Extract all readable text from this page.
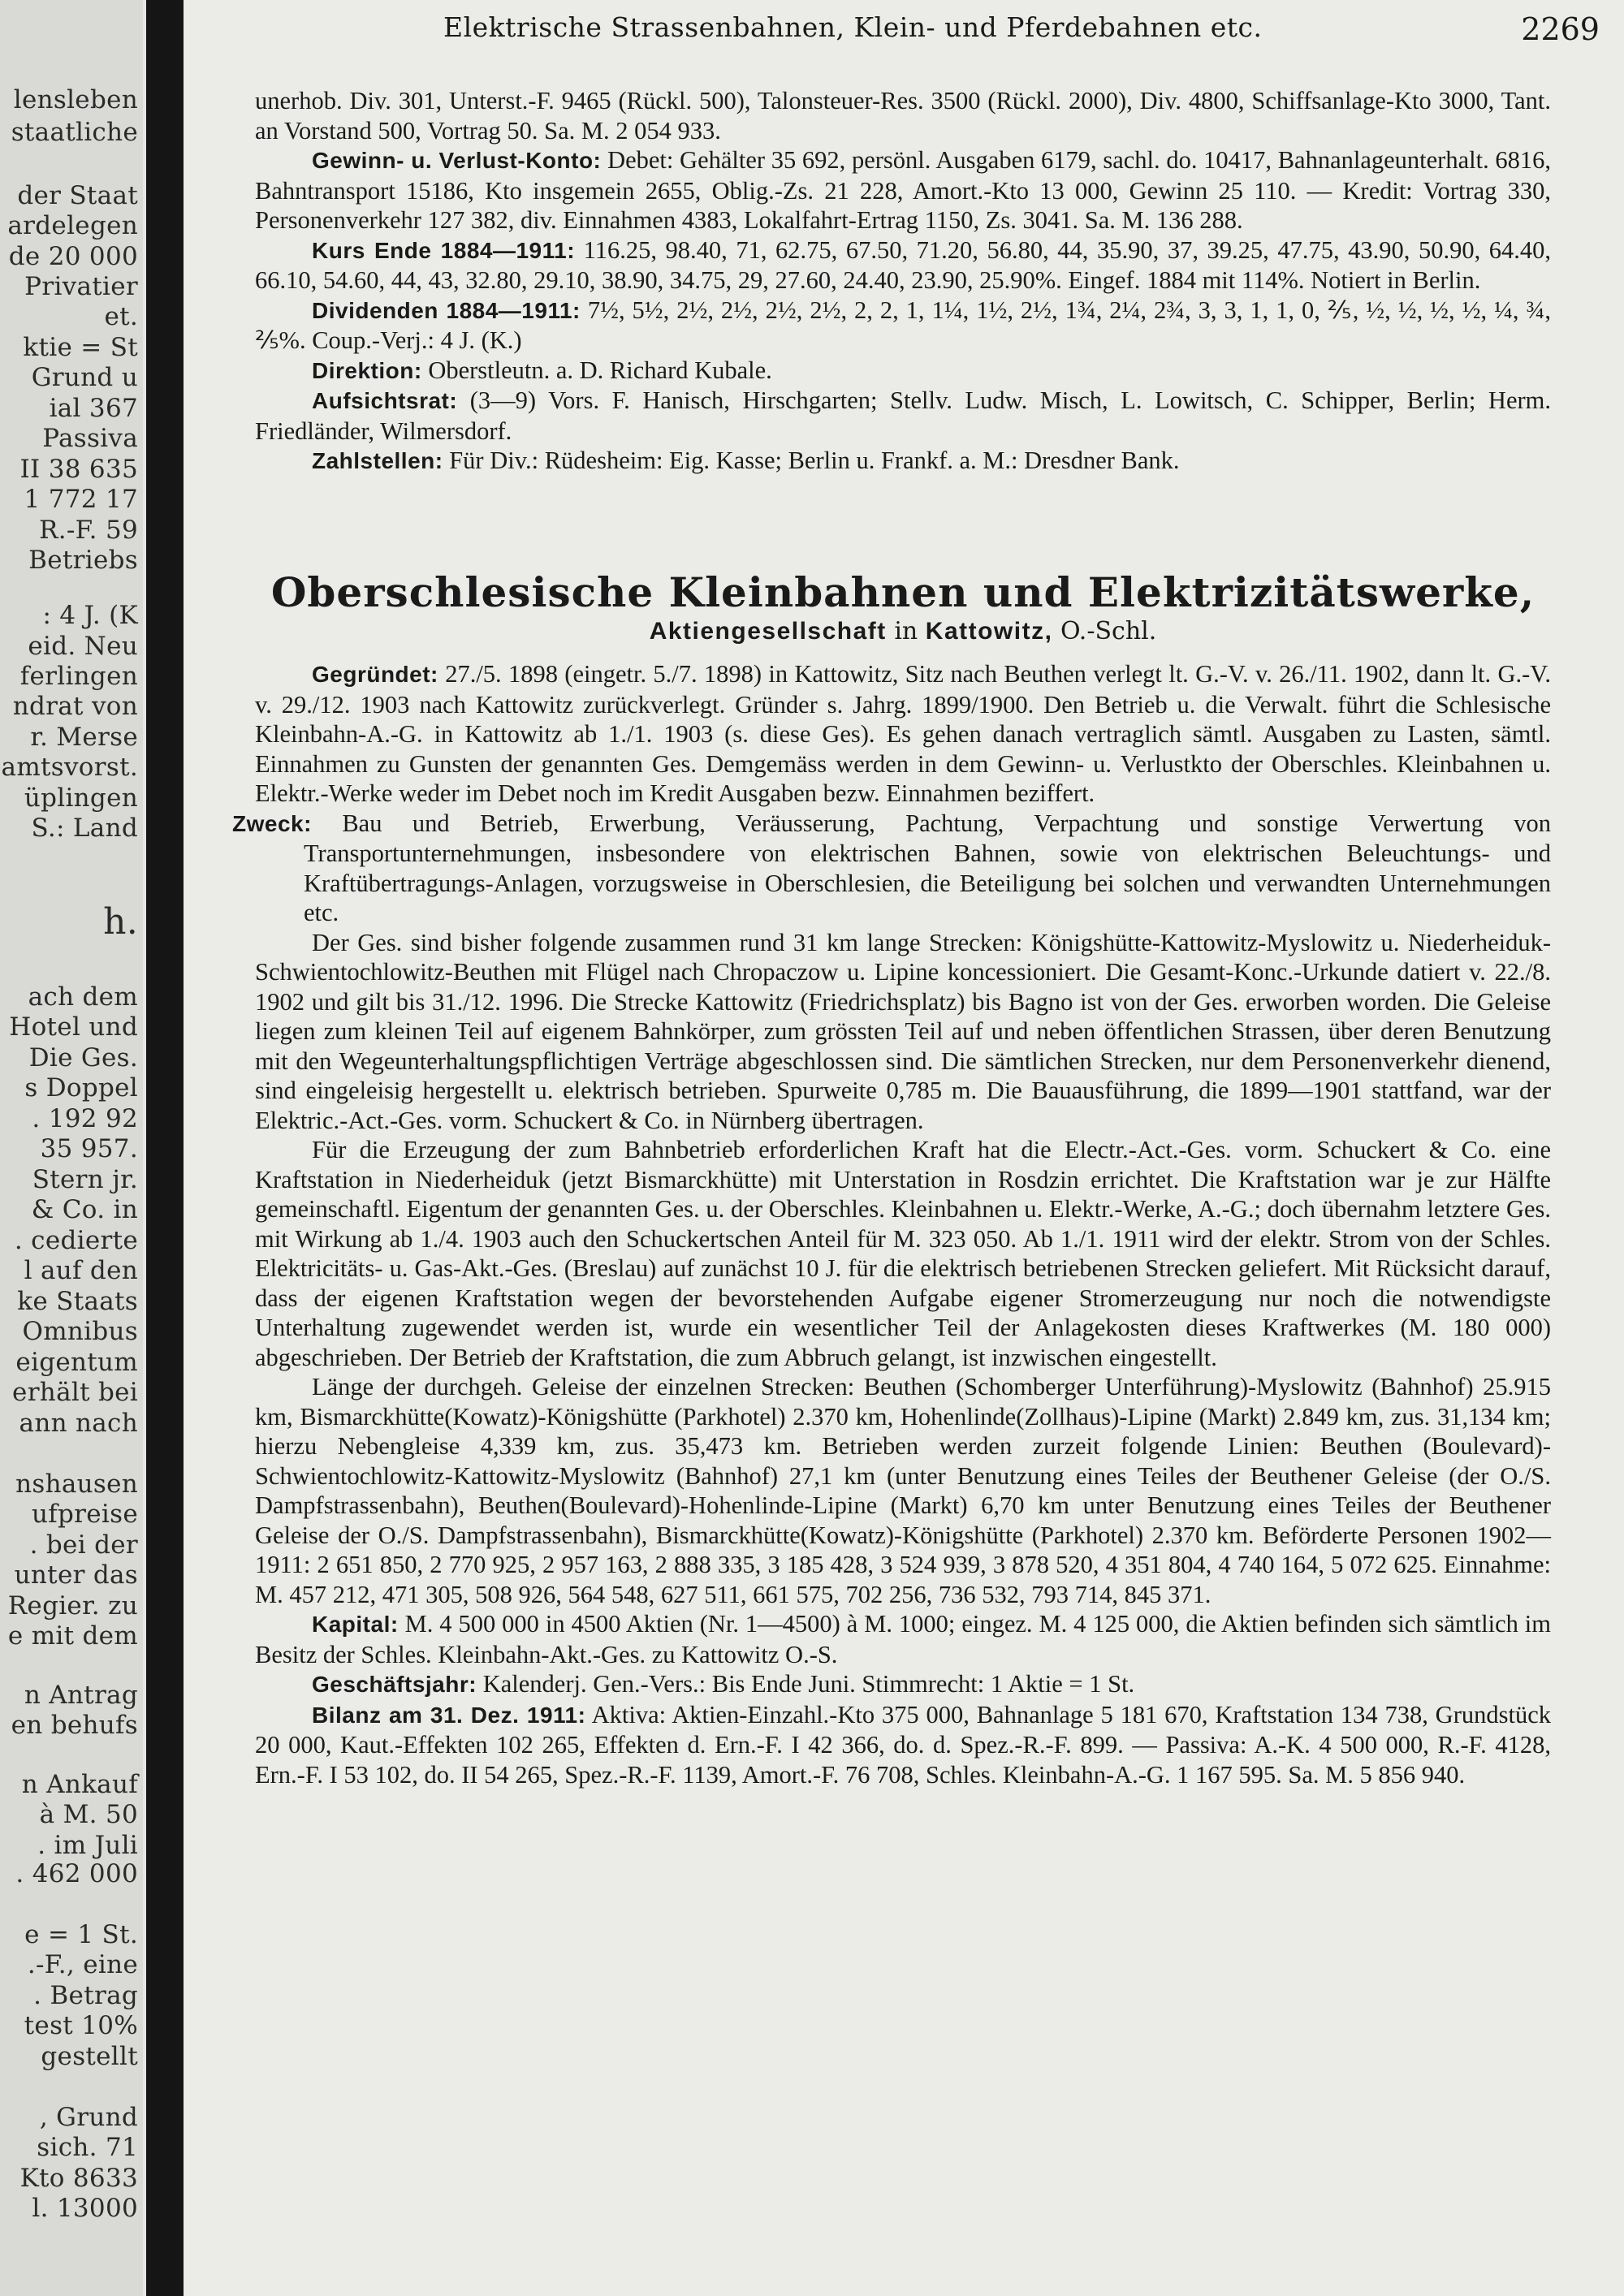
lensleben
staatliche
der Staat
ardelegen
de 20 000
Privatier
et.
ktie = St
Grund u
ial 367
Passiva
II 38 635
1 772 17
R.-F. 59
Betriebs
: 4 J. (K
eid. Neu
ferlingen
ndrat von
r. Merse
amtsvorst.
üplingen
S.: Land
h.
ach dem
Hotel und
Die Ges.
s Doppel
. 192 92
35 957.
Stern jr.
& Co. in
. cedierte
l auf den
ke Staats
Omnibus
eigentum
erhält bei
ann nach
nshausen
ufpreise
. bei der
unter das
Regier. zu
e mit dem
n Antrag
en behufs
n Ankauf
à M. 50
. im Juli
. 462 000
e = 1 St.
.-F., eine
. Betrag
test 10%
gestellt
, Grund
sich. 71
Kto 8633
l. 13000
Elektrische Strassenbahnen, Klein- und Pferdebahnen etc.	2269

unerhob. Div. 301, Unterst.-F. 9465 (Rückl. 500), Talonsteuer-Res. 3500 (Rückl. 2000), Div. 4800, Schiffsanlage-Kto 3000, Tant. an Vorstand 500, Vortrag 50. Sa. M. 2 054 933.

Gewinn- u. Verlust-Konto: Debet: Gehälter 35 692, persönl. Ausgaben 6179, sachl. do. 10417, Bahnanlageunterhalt. 6816, Bahntransport 15186, Kto insgemein 2655, Oblig.-Zs. 21 228, Amort.-Kto 13 000, Gewinn 25 110. — Kredit: Vortrag 330, Personenverkehr 127 382, div. Einnahmen 4383, Lokalfahrt-Ertrag 1150, Zs. 3041. Sa. M. 136 288.

Kurs Ende 1884—1911: 116.25, 98.40, 71, 62.75, 67.50, 71.20, 56.80, 44, 35.90, 37, 39.25, 47.75, 43.90, 50.90, 64.40, 66.10, 54.60, 44, 43, 32.80, 29.10, 38.90, 34.75, 29, 27.60, 24.40, 23.90, 25.90%. Eingef. 1884 mit 114%. Notiert in Berlin.

Dividenden 1884—1911: 7½, 5½, 2½, 2½, 2½, 2½, 2, 2, 1, 1¼, 1½, 2½, 1¾, 2¼, 2¾, 3, 3, 1, 1, 0, ⅖, ½, ½, ½, ½, ¼, ¾, ⅖%. Coup.-Verj.: 4 J. (K.)

Direktion: Oberstleutn. a. D. Richard Kubale.

Aufsichtsrat: (3—9) Vors. F. Hanisch, Hirschgarten; Stellv. Ludw. Misch, L. Lowitsch, C. Schipper, Berlin; Herm. Friedländer, Wilmersdorf.

Zahlstellen: Für Div.: Rüdesheim: Eig. Kasse; Berlin u. Frankf. a. M.: Dresdner Bank.

Oberschlesische Kleinbahnen und Elektrizitätswerke,
Aktiengesellschaft in Kattowitz, O.-Schl.

Gegründet: 27./5. 1898 (eingetr. 5./7. 1898) in Kattowitz, Sitz nach Beuthen verlegt lt. G.-V. v. 26./11. 1902, dann lt. G.-V. v. 29./12. 1903 nach Kattowitz zurückverlegt. Gründer s. Jahrg. 1899/1900. Den Betrieb u. die Verwalt. führt die Schlesische Kleinbahn-A.-G. in Kattowitz ab 1./1. 1903 (s. diese Ges). Es gehen danach vertraglich sämtl. Ausgaben zu Lasten, sämtl. Einnahmen zu Gunsten der genannten Ges. Demgemäss werden in dem Gewinn- u. Verlustkto der Oberschles. Kleinbahnen u. Elektr.-Werke weder im Debet noch im Kredit Ausgaben bezw. Einnahmen beziffert.

Zweck: Bau und Betrieb, Erwerbung, Veräusserung, Pachtung, Verpachtung und sonstige Verwertung von Transportunternehmungen, insbesondere von elektrischen Bahnen, sowie von elektrischen Beleuchtungs- und Kraftübertragungs-Anlagen, vorzugsweise in Oberschlesien, die Beteiligung bei solchen und verwandten Unternehmungen etc.

Der Ges. sind bisher folgende zusammen rund 31 km lange Strecken: Königshütte-Kattowitz-Myslowitz u. Niederheiduk-Schwientochlowitz-Beuthen mit Flügel nach Chropaczow u. Lipine koncessioniert. Die Gesamt-Konc.-Urkunde datiert v. 22./8. 1902 und gilt bis 31./12. 1996. Die Strecke Kattowitz (Friedrichsplatz) bis Bagno ist von der Ges. erworben worden. Die Geleise liegen zum kleinen Teil auf eigenem Bahnkörper, zum grössten Teil auf und neben öffentlichen Strassen, über deren Benutzung mit den Wegeunterhaltungspflichtigen Verträge abgeschlossen sind. Die sämtlichen Strecken, nur dem Personenverkehr dienend, sind eingeleisig hergestellt u. elektrisch betrieben. Spurweite 0,785 m. Die Bauausführung, die 1899—1901 stattfand, war der Elektric.-Act.-Ges. vorm. Schuckert & Co. in Nürnberg übertragen.

Für die Erzeugung der zum Bahnbetrieb erforderlichen Kraft hat die Electr.-Act.-Ges. vorm. Schuckert & Co. eine Kraftstation in Niederheiduk (jetzt Bismarckhütte) mit Unterstation in Rosdzin errichtet. Die Kraftstation war je zur Hälfte gemeinschaftl. Eigentum der genannten Ges. u. der Oberschles. Kleinbahnen u. Elektr.-Werke, A.-G.; doch übernahm letztere Ges. mit Wirkung ab 1./4. 1903 auch den Schuckertschen Anteil für M. 323 050. Ab 1./1. 1911 wird der elektr. Strom von der Schles. Elektricitäts- u. Gas-Akt.-Ges. (Breslau) auf zunächst 10 J. für die elektrisch betriebenen Strecken geliefert. Mit Rücksicht darauf, dass der eigenen Kraftstation wegen der bevorstehenden Aufgabe eigener Stromerzeugung nur noch die notwendigste Unterhaltung zugewendet werden ist, wurde ein wesentlicher Teil der Anlagekosten dieses Kraftwerkes (M. 180 000) abgeschrieben. Der Betrieb der Kraftstation, die zum Abbruch gelangt, ist inzwischen eingestellt.

Länge der durchgeh. Geleise der einzelnen Strecken: Beuthen (Schomberger Unterführung)-Myslowitz (Bahnhof) 25.915 km, Bismarckhütte(Kowatz)-Königshütte (Parkhotel) 2.370 km, Hohenlinde(Zollhaus)-Lipine (Markt) 2.849 km, zus. 31,134 km; hierzu Nebengleise 4,339 km, zus. 35,473 km. Betrieben werden zurzeit folgende Linien: Beuthen (Boulevard)-Schwientochlowitz-Kattowitz-Myslowitz (Bahnhof) 27,1 km (unter Benutzung eines Teiles der Beuthener Geleise (der O./S. Dampfstrassenbahn), Beuthen(Boulevard)-Hohenlinde-Lipine (Markt) 6,70 km unter Benutzung eines Teiles der Beuthener Geleise der O./S. Dampfstrassenbahn), Bismarckhütte(Kowatz)-Königshütte (Parkhotel) 2.370 km. Beförderte Personen 1902—1911: 2 651 850, 2 770 925, 2 957 163, 2 888 335, 3 185 428, 3 524 939, 3 878 520, 4 351 804, 4 740 164, 5 072 625. Einnahme: M. 457 212, 471 305, 508 926, 564 548, 627 511, 661 575, 702 256, 736 532, 793 714, 845 371.

Kapital: M. 4 500 000 in 4500 Aktien (Nr. 1—4500) à M. 1000; eingez. M. 4 125 000, die Aktien befinden sich sämtlich im Besitz der Schles. Kleinbahn-Akt.-Ges. zu Kattowitz O.-S.

Geschäftsjahr: Kalenderj. Gen.-Vers.: Bis Ende Juni. Stimmrecht: 1 Aktie = 1 St.

Bilanz am 31. Dez. 1911: Aktiva: Aktien-Einzahl.-Kto 375 000, Bahnanlage 5 181 670, Kraftstation 134 738, Grundstück 20 000, Kaut.-Effekten 102 265, Effekten d. Ern.-F. I 42 366, do. d. Spez.-R.-F. 899. — Passiva: A.-K. 4 500 000, R.-F. 4128, Ern.-F. I 53 102, do. II 54 265, Spez.-R.-F. 1139, Amort.-F. 76 708, Schles. Kleinbahn-A.-G. 1 167 595. Sa. M. 5 856 940.
